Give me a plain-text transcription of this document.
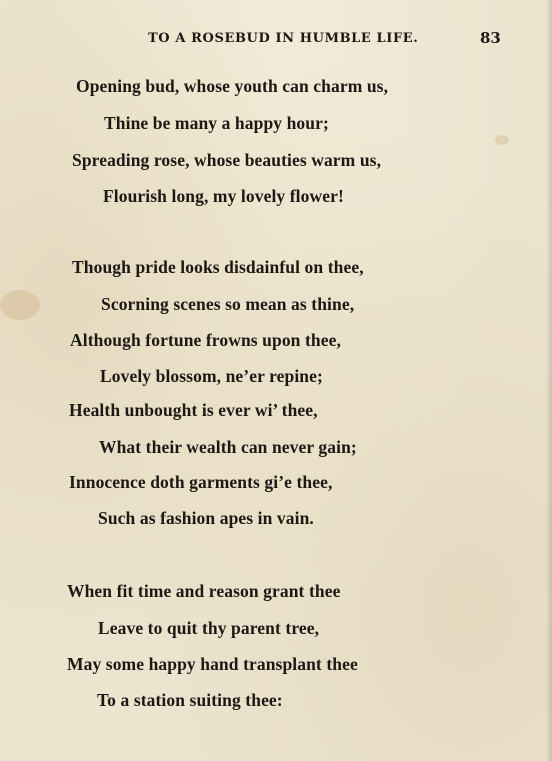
TO A ROSEBUD IN HUMBLE LIFE.	83
Opening bud, whose youth can charm us,
Thine be many a happy hour;
Spreading rose, whose beauties warm us,
Flourish long, my lovely flower!
Though pride looks disdainful on thee,
Scorning scenes so mean as thine,
Although fortune frowns upon thee,
Lovely blossom, ne’er repine;
Health unbought is ever wi’ thee,
What their wealth can never gain;
Innocence doth garments gi’e thee,
Such as fashion apes in vain.
When fit time and reason grant thee
Leave to quit thy parent tree,
May some happy hand transplant thee
To a station suiting thee:
